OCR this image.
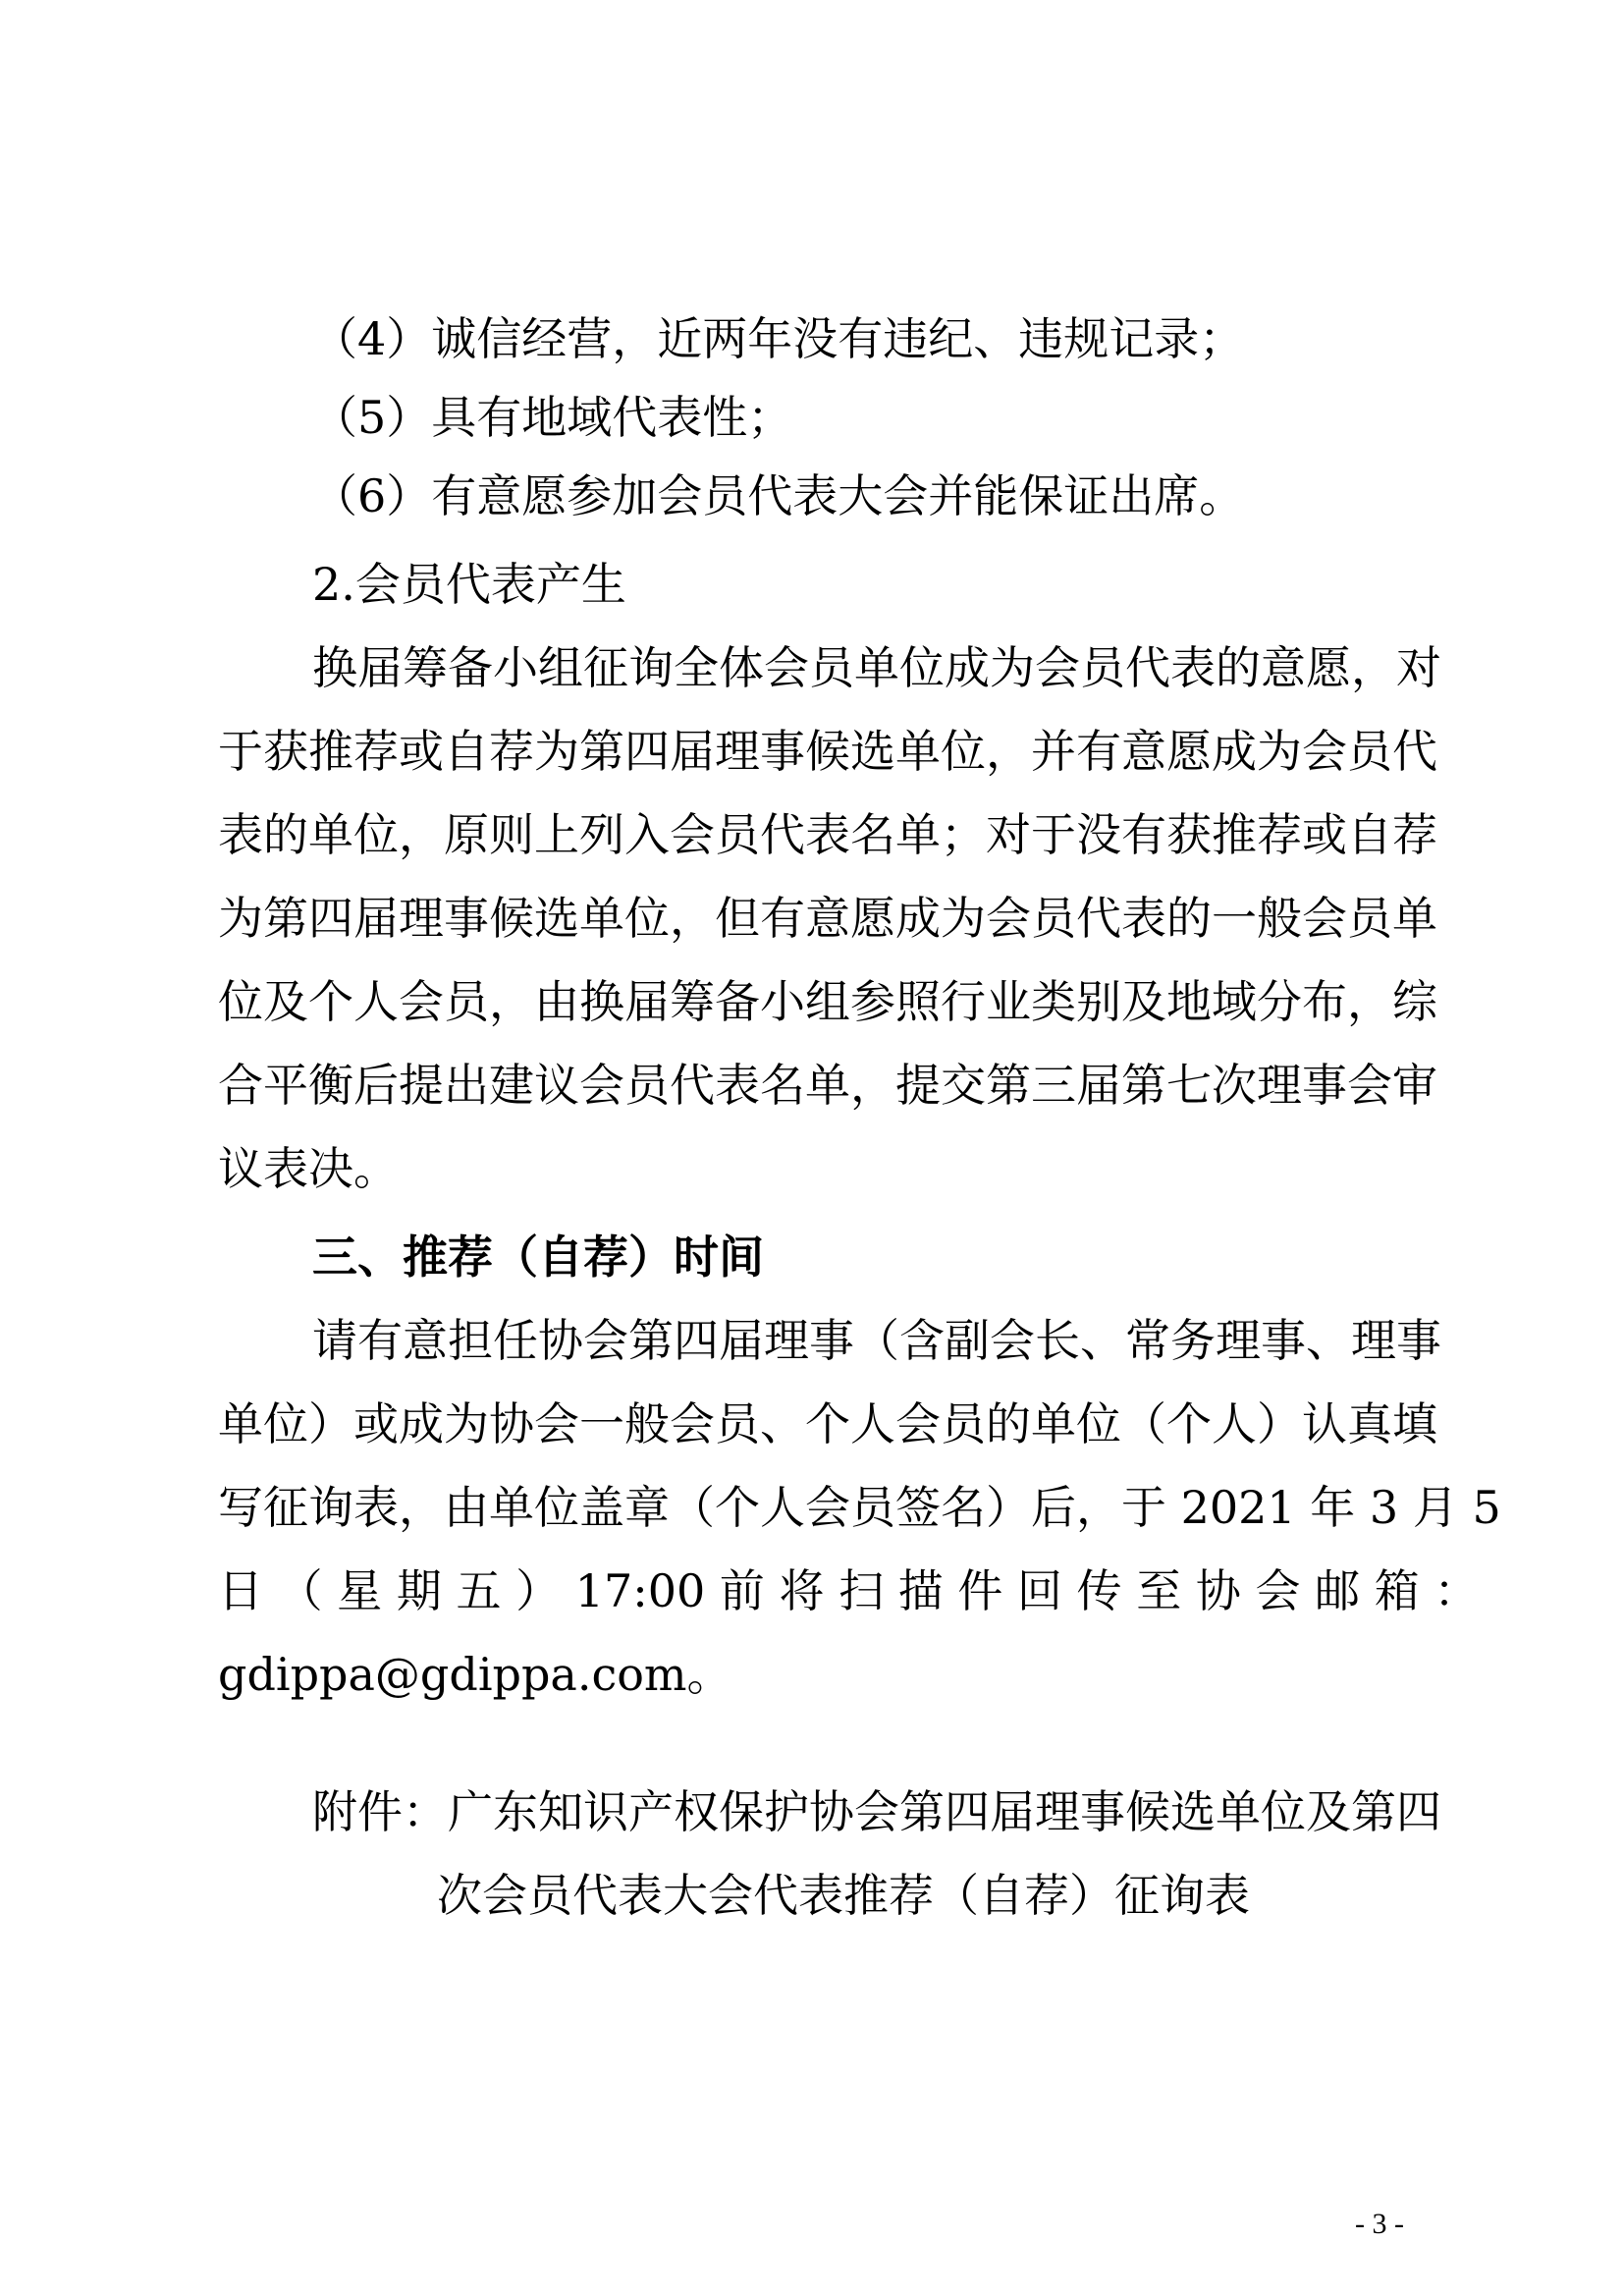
（4）诚信经营，近两年没有违纪、违规记录；
（5）具有地域代表性；
（6）有意愿参加会员代表大会并能保证出席。
2.会员代表产生
换届筹备小组征询全体会员单位成为会员代表的意愿，对
于获推荐或自荐为第四届理事候选单位，并有意愿成为会员代
表的单位，原则上列入会员代表名单；对于没有获推荐或自荐
为第四届理事候选单位，但有意愿成为会员代表的一般会员单
位及个人会员，由换届筹备小组参照行业类别及地域分布，综
合平衡后提出建议会员代表名单，提交第三届第七次理事会审
议表决。
三、推荐（自荐）时间
请有意担任协会第四届理事（含副会长、常务理事、理事
单位）或成为协会一般会员、个人会员的单位（个人）认真填
写征询表，由单位盖章（个人会员签名）后，于 2021 年 3 月 5
日 （ 星 期 五 ） 17:00 前 将 扫 描 件 回 传 至 协 会 邮 箱 ：
gdippa@gdippa.com。
附件：广东知识产权保护协会第四届理事候选单位及第四
次会员代表大会代表推荐（自荐）征询表
- 3 -
